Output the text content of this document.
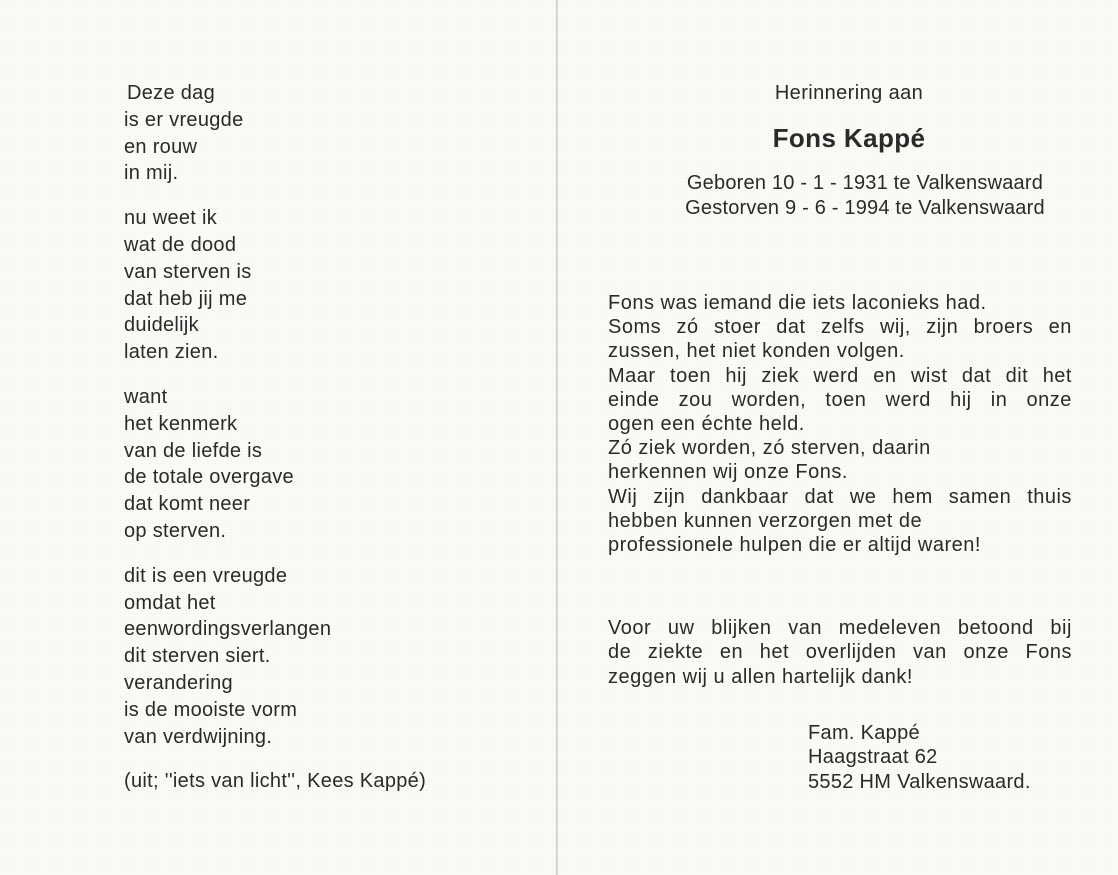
Deze dag
is er vreugde
en rouw
in mij.
nu weet ik
wat de dood
van sterven is
dat heb jij me
duidelijk
laten zien.
want
het kenmerk
van de liefde is
de totale overgave
dat komt neer
op sterven.
dit is een vreugde
omdat het
eenwordingsverlangen
dit sterven siert.
verandering
is de mooiste vorm
van verdwijning.
(uit; ''iets van licht'', Kees Kappé)
Herinnering aan
Fons Kappé
Geboren 10 - 1 - 1931 te Valkenswaard
Gestorven 9 - 6 - 1994 te Valkenswaard
Fons was iemand die iets laconieks had.
Soms zó stoer dat zelfs wij, zijn broers en
zussen, het niet konden volgen.
Maar toen hij ziek werd en wist dat dit het
einde zou worden, toen werd hij in onze
ogen een échte held.
Zó ziek worden, zó sterven, daarin
herkennen wij onze Fons.
Wij zijn dankbaar dat we hem samen thuis
hebben kunnen verzorgen met de
professionele hulpen die er altijd waren!
Voor uw blijken van medeleven betoond bij
de ziekte en het overlijden van onze Fons
zeggen wij u allen hartelijk dank!
Fam. Kappé
Haagstraat 62
5552 HM Valkenswaard.
